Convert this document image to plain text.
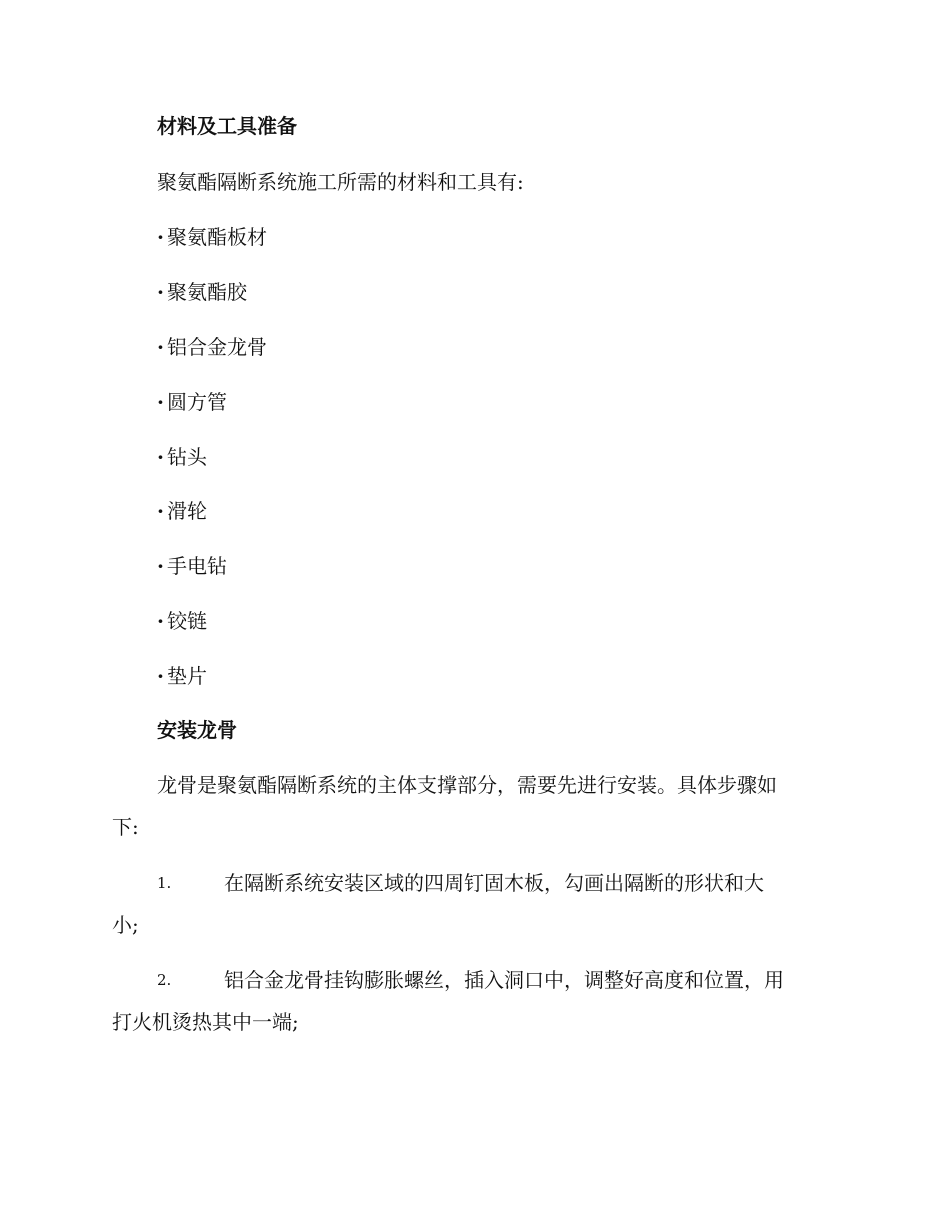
材料及工具准备
聚氨酯隔断系统施工所需的材料和工具有:
· 聚氨酯板材
· 聚氨酯胶
· 铝合金龙骨
· 圆方管
· 钻头
· 滑轮
· 手电钻
· 铰链
· 垫片
安装龙骨
龙骨是聚氨酯隔断系统的主体支撑部分，需要先进行安装。具体步骤如
下:
1.	在隔断系统安装区域的四周钉固木板，勾画出隔断的形状和大
小;
2.	铝合金龙骨挂钩膨胀螺丝，插入洞口中，调整好高度和位置，用
打火机烫热其中一端;
